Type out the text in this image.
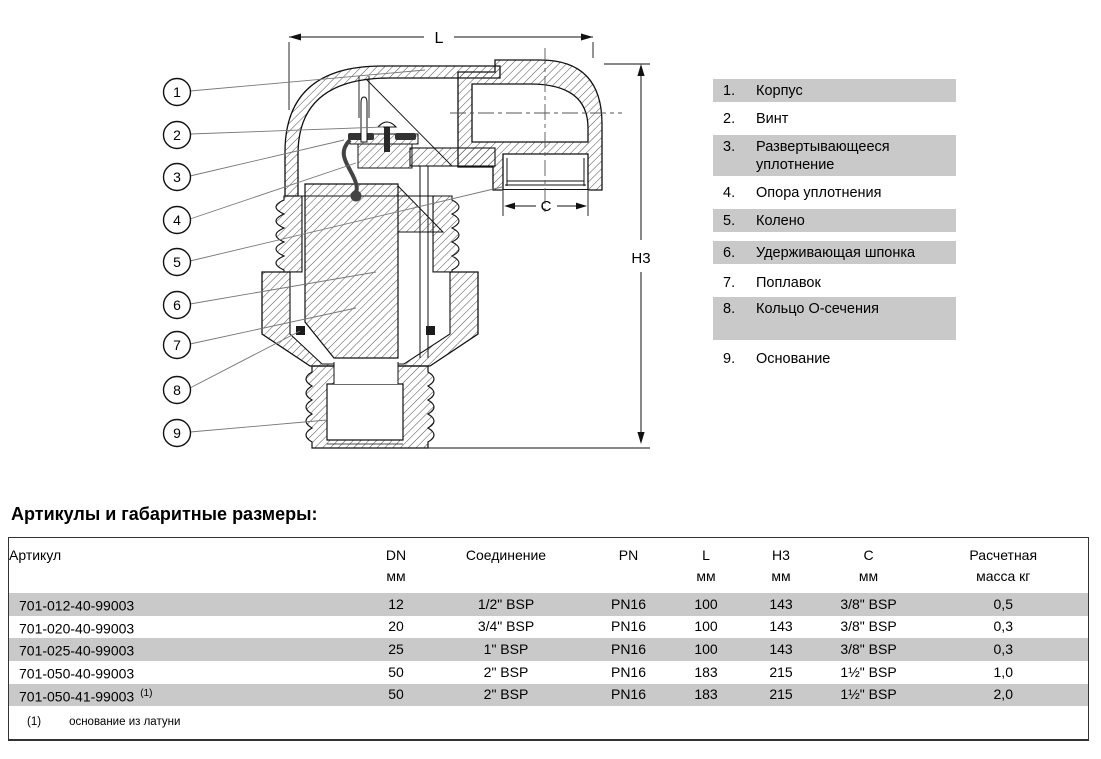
L
H3
C
1
2
3
4
5
6
7
8
9
1.	Корпус
2.	Винт
3.	Развертывающееся уплотнение
4.	Опора уплотнения
5.	Колено
6.	Удерживающая шпонка
7.	Поплавок
8.	Кольцо О-сечения
9.	Основание
Артикулы и габаритные размеры:
Артикул	DN	Соединение	PN	L	H3	C	Расчетная
	мм			мм	мм	мм	масса кг
701-012-40-99003	12	1/2" BSP	PN16	100	143	3/8" BSP	0,5
701-020-40-99003	20	3/4" BSP	PN16	100	143	3/8" BSP	0,3
701-025-40-99003	25	1" BSP	PN16	100	143	3/8" BSP	0,3
701-050-40-99003	50	2" BSP	PN16	183	215	1½" BSP	1,0
701-050-41-99003 $^{(1)}$	50	2" BSP	PN16	183	215	1½" BSP	2,0
(1) основание из латуни							
